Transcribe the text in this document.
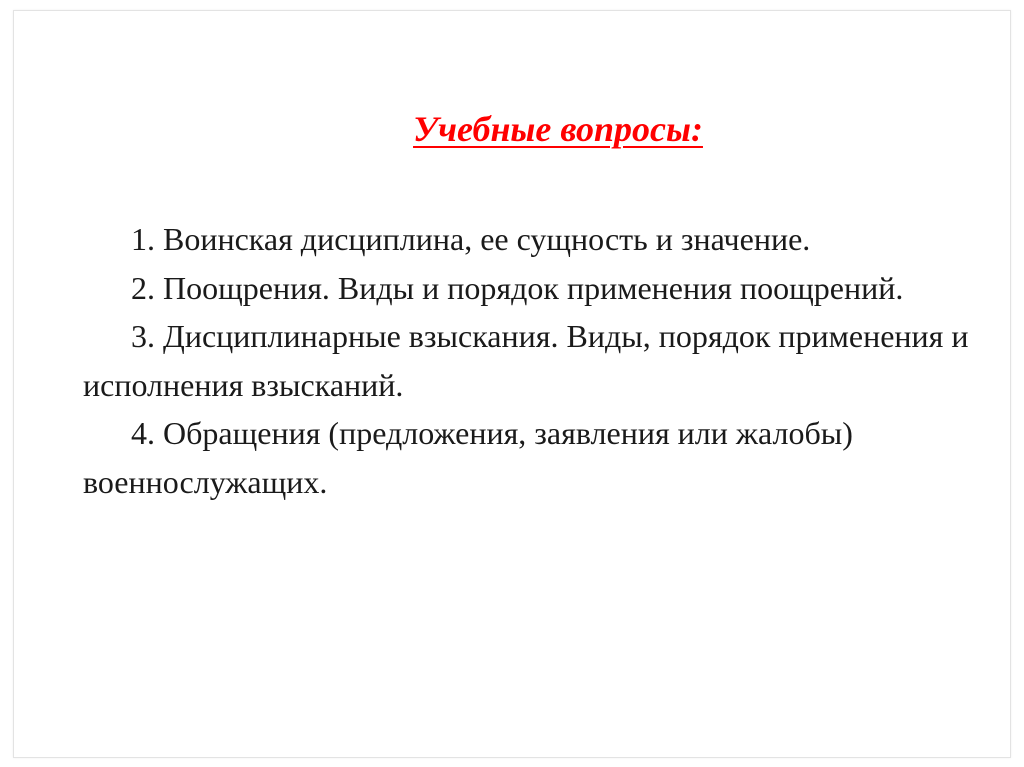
Учебные вопросы:

1. Воинская дисциплина, ее сущность и значение.

2. Поощрения. Виды и порядок применения поощрений.

3. Дисциплинарные взыскания. Виды, порядок применения и исполнения взысканий.

4. Обращения (предложения, заявления или жалобы) военнослужащих.
